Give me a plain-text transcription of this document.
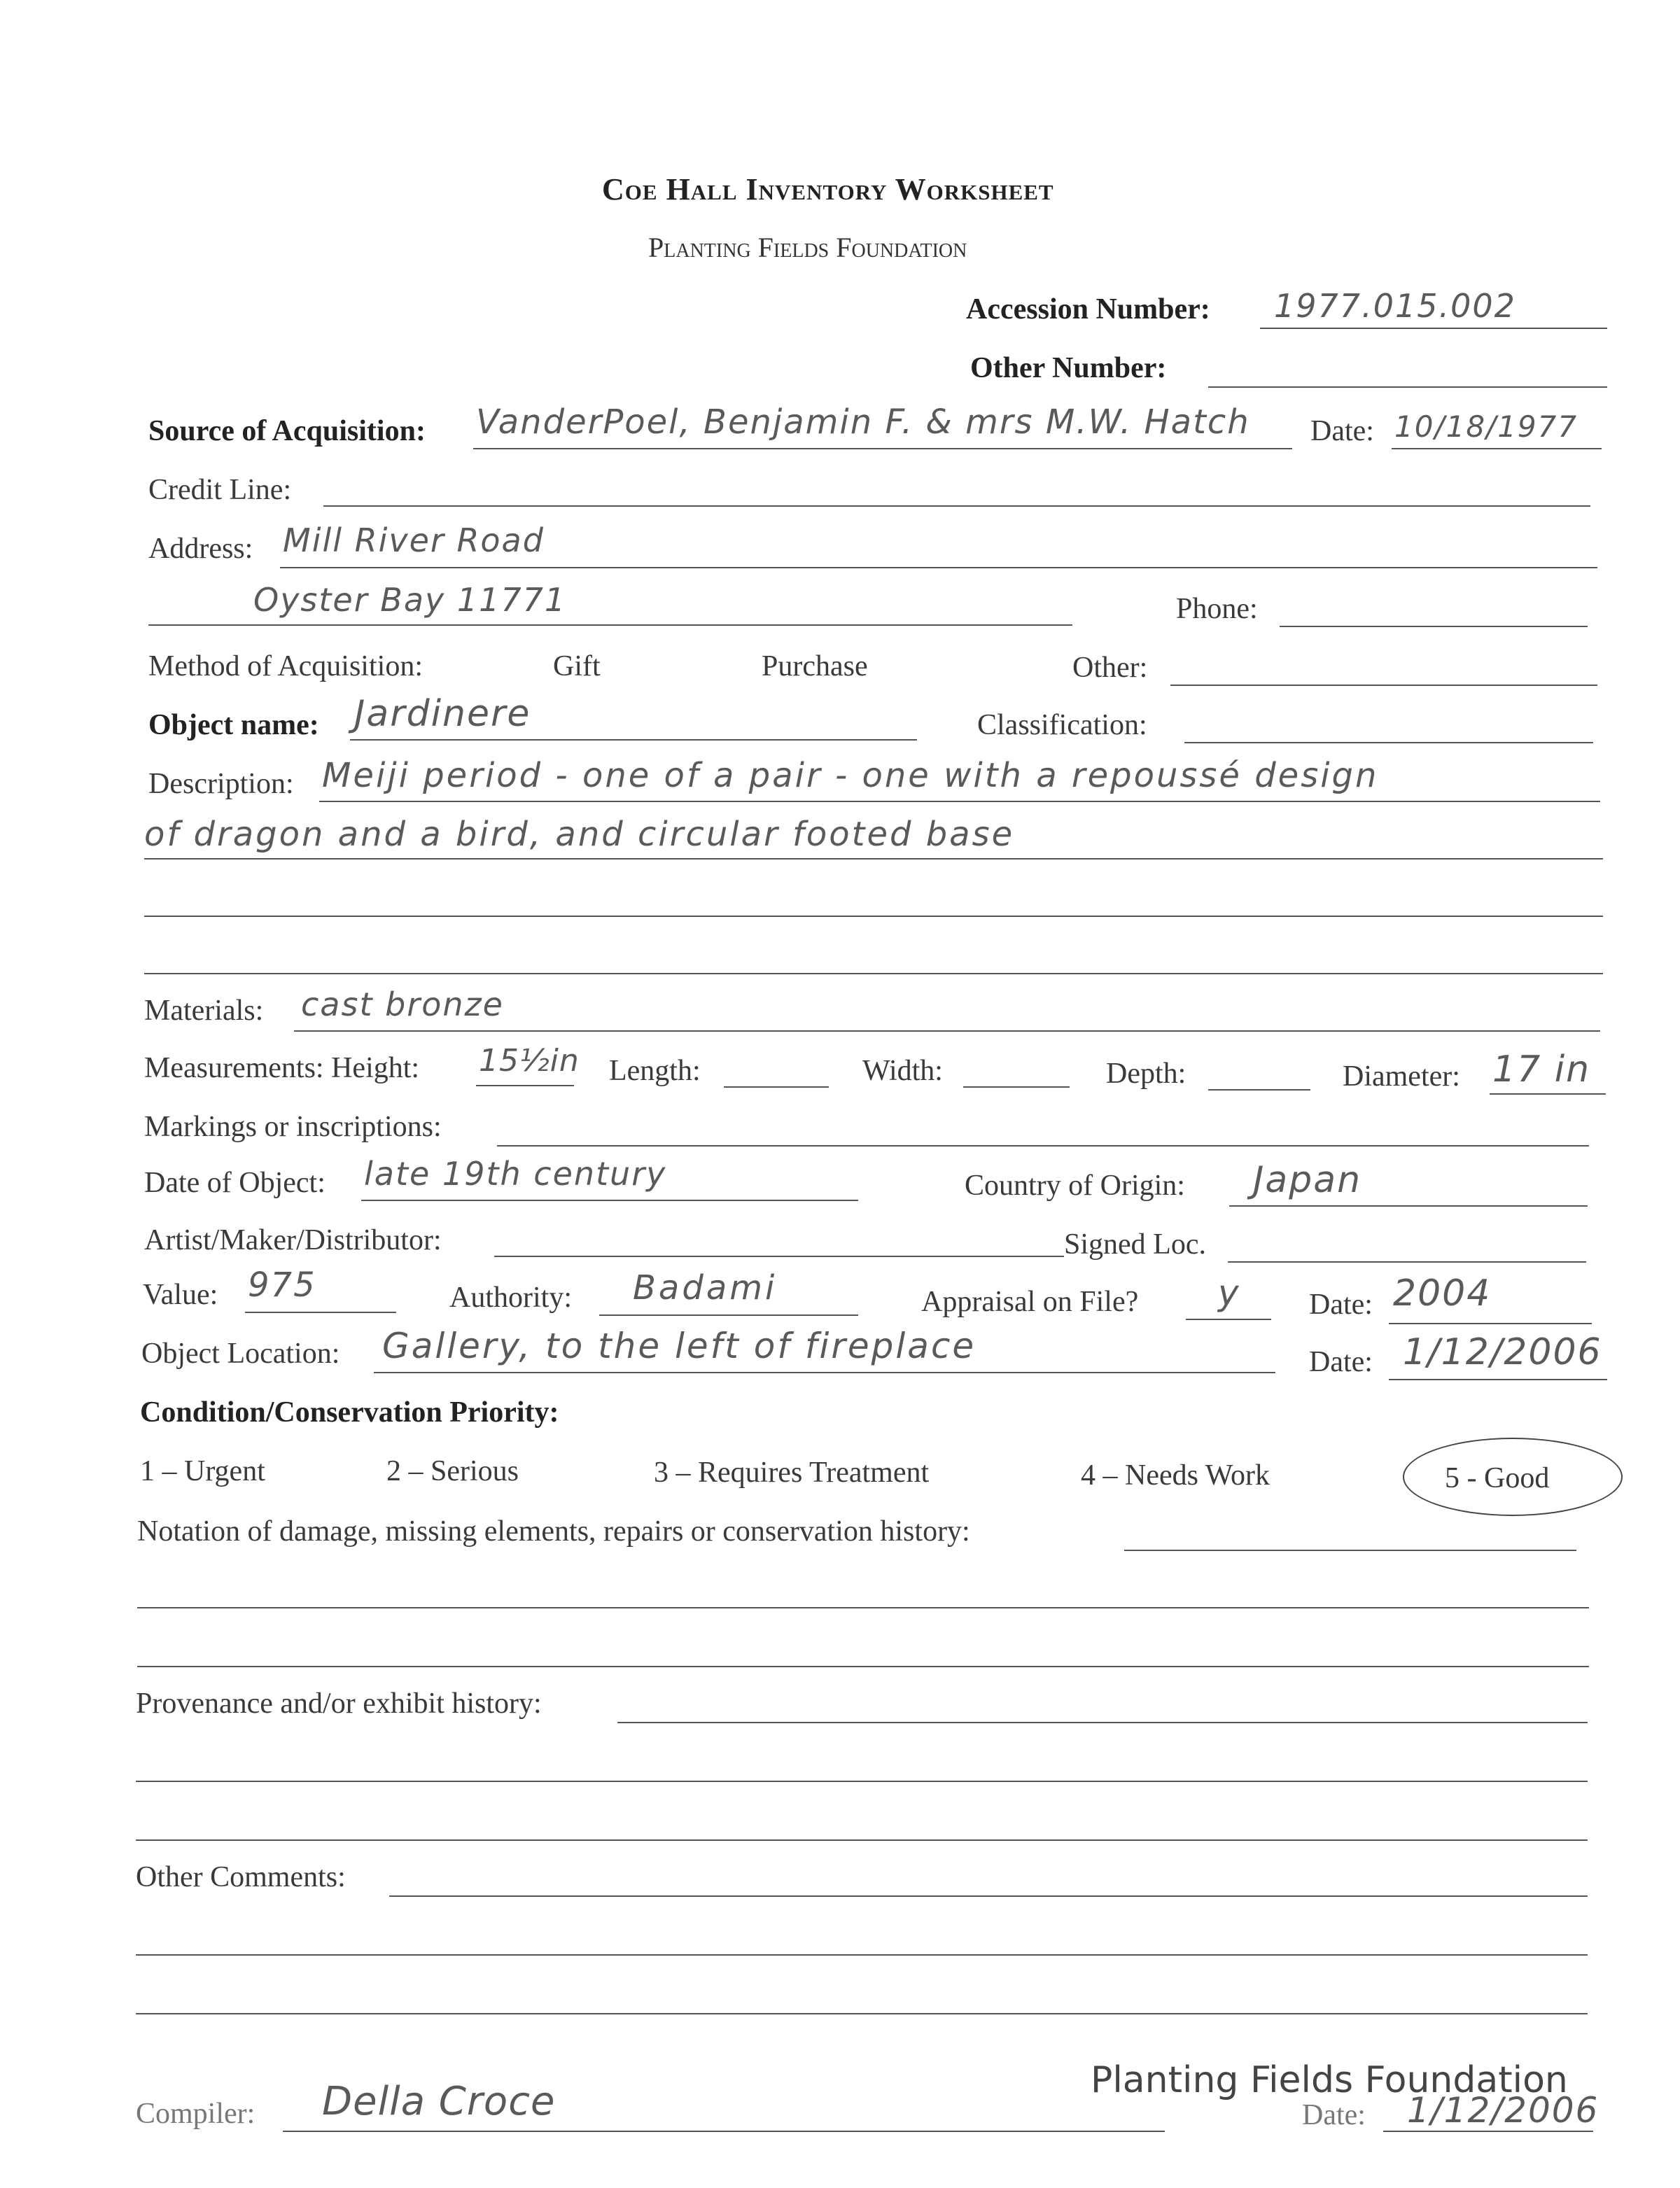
Coe Hall Inventory Worksheet
Planting Fields Foundation
Accession Number: 1977.015.002
Other Number:
Source of Acquisition: VanderPoel, Benjamin F. & mrs M.W. Hatch Date: 10/18/1977
Credit Line:
Address: Mill River Road
Oyster Bay 11771	Phone:
Method of Acquisition:	Gift	Purchase	Other:
Object name: Jardinere	Classification:
Description: Meiji period - one of a pair - one with a repoussé design
of dragon and a bird, and circular footed base
Materials: cast bronze
Measurements: Height: 15½in Length:	Width:	Depth:	Diameter: 17 in
Markings or inscriptions:
Date of Object: late 19th century	Country of Origin: Japan
Artist/Maker/Distributor:	Signed Loc.
Value: 975	Authority: Badami	Appraisal on File? y Date: 2004
Object Location: Gallery, to the left of fireplace	Date: 1/12/2006
Condition/Conservation Priority:
1 – Urgent	2 – Serious	3 – Requires Treatment	4 – Needs Work	5 - Good
Notation of damage, missing elements, repairs or conservation history:
Provenance and/or exhibit history:
Other Comments:
Compiler: Della Croce	Planting Fields Foundation
Date: 1/12/2006
